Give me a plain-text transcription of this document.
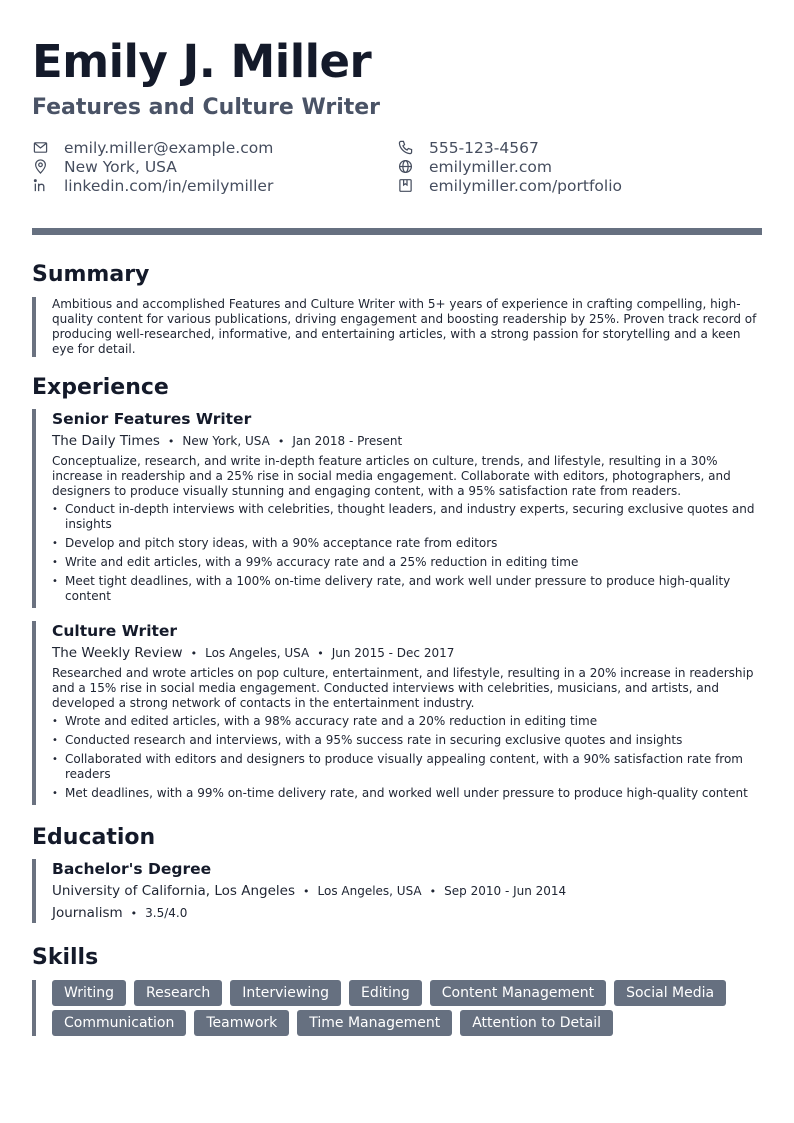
Emily J. Miller
Features and Culture Writer
emily.miller@example.com
New York, USA
linkedin.com/in/emilymiller
555-123-4567
emilymiller.com
emilymiller.com/portfolio
Summary
Ambitious and accomplished Features and Culture Writer with 5+ years of experience in crafting compelling, high-quality content for various publications, driving engagement and boosting readership by 25%. Proven track record of producing well-researched, informative, and entertaining articles, with a strong passion for storytelling and a keen eye for detail.
Experience
Senior Features Writer
The Daily Times • New York, USA • Jan 2018 - Present
Conceptualize, research, and write in-depth feature articles on culture, trends, and lifestyle, resulting in a 30% increase in readership and a 25% rise in social media engagement. Collaborate with editors, photographers, and designers to produce visually stunning and engaging content, with a 95% satisfaction rate from readers.
• Conduct in-depth interviews with celebrities, thought leaders, and industry experts, securing exclusive quotes and insights
• Develop and pitch story ideas, with a 90% acceptance rate from editors
• Write and edit articles, with a 99% accuracy rate and a 25% reduction in editing time
• Meet tight deadlines, with a 100% on-time delivery rate, and work well under pressure to produce high-quality content
Culture Writer
The Weekly Review • Los Angeles, USA • Jun 2015 - Dec 2017
Researched and wrote articles on pop culture, entertainment, and lifestyle, resulting in a 20% increase in readership and a 15% rise in social media engagement. Conducted interviews with celebrities, musicians, and artists, and developed a strong network of contacts in the entertainment industry.
• Wrote and edited articles, with a 98% accuracy rate and a 20% reduction in editing time
• Conducted research and interviews, with a 95% success rate in securing exclusive quotes and insights
• Collaborated with editors and designers to produce visually appealing content, with a 90% satisfaction rate from readers
• Met deadlines, with a 99% on-time delivery rate, and worked well under pressure to produce high-quality content
Education
Bachelor's Degree
University of California, Los Angeles • Los Angeles, USA • Sep 2010 - Jun 2014
Journalism • 3.5/4.0
Skills
Writing	Research	Interviewing	Editing	Content Management	Social Media
Communication	Teamwork	Time Management	Attention to Detail
